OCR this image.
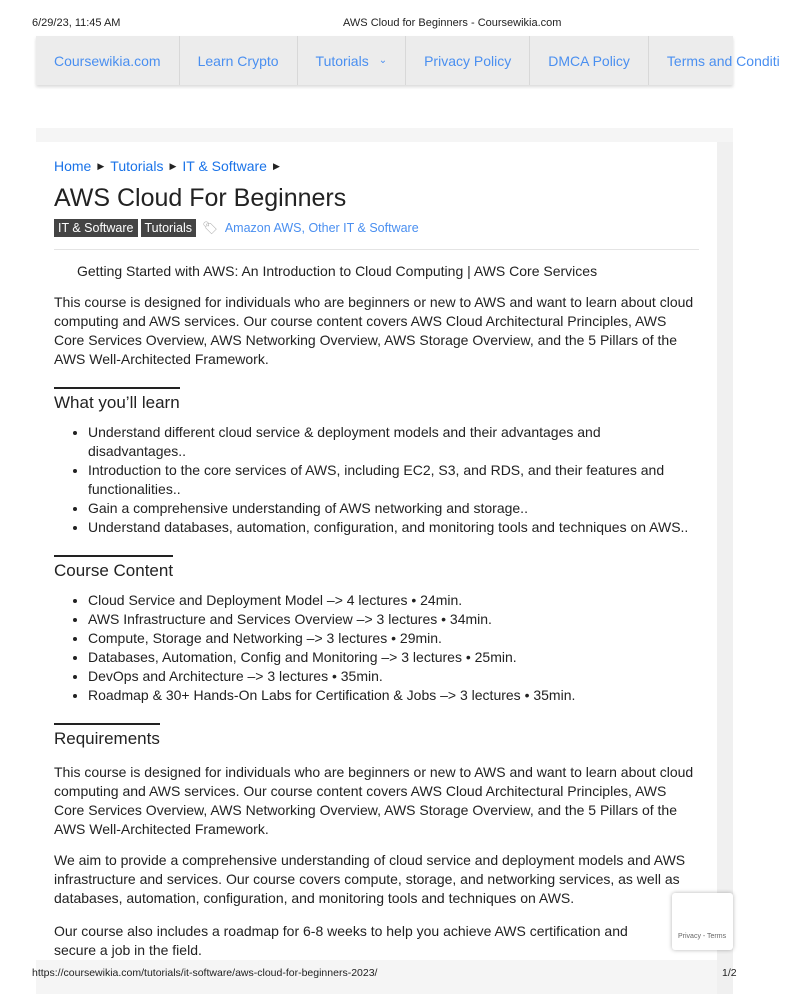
6/29/23, 11:45 AM	AWS Cloud for Beginners - Coursewikia.com
Coursewikia.com	Learn Crypto	Tutorials ⌄	Privacy Policy	DMCA Policy	Terms and Conditi
Home ▶ Tutorials ▶ IT & Software ▶
AWS Cloud For Beginners
IT & Software Tutorials 🏷 Amazon AWS, Other IT & Software

Getting Started with AWS: An Introduction to Cloud Computing | AWS Core Services

This course is designed for individuals who are beginners or new to AWS and want to learn about cloud computing and AWS services. Our course content covers AWS Cloud Architectural Principles, AWS Core Services Overview, AWS Networking Overview, AWS Storage Overview, and the 5 Pillars of the AWS Well-Architected Framework.

What you’ll learn
• Understand different cloud service & deployment models and their advantages and disadvantages..
• Introduction to the core services of AWS, including EC2, S3, and RDS, and their features and functionalities..
• Gain a comprehensive understanding of AWS networking and storage..
• Understand databases, automation, configuration, and monitoring tools and techniques on AWS..
Course Content
• Cloud Service and Deployment Model –> 4 lectures • 24min.
• AWS Infrastructure and Services Overview –> 3 lectures • 34min.
• Compute, Storage and Networking –> 3 lectures • 29min.
• Databases, Automation, Config and Monitoring –> 3 lectures • 25min.
• DevOps and Architecture –> 3 lectures • 35min.
• Roadmap & 30+ Hands-On Labs for Certification & Jobs –> 3 lectures • 35min.
Requirements

This course is designed for individuals who are beginners or new to AWS and want to learn about cloud computing and AWS services. Our course content covers AWS Cloud Architectural Principles, AWS Core Services Overview, AWS Networking Overview, AWS Storage Overview, and the 5 Pillars of the AWS Well-Architected Framework.

We aim to provide a comprehensive understanding of cloud service and deployment models and AWS infrastructure and services. Our course covers compute, storage, and networking services, as well as databases, automation, configuration, and monitoring tools and techniques on AWS.

Our course also includes a roadmap for 6-8 weeks to help you achieve AWS certification and secure a job in the field.

Privacy - Terms
https://coursewikia.com/tutorials/it-software/aws-cloud-for-beginners-2023/	1/2
